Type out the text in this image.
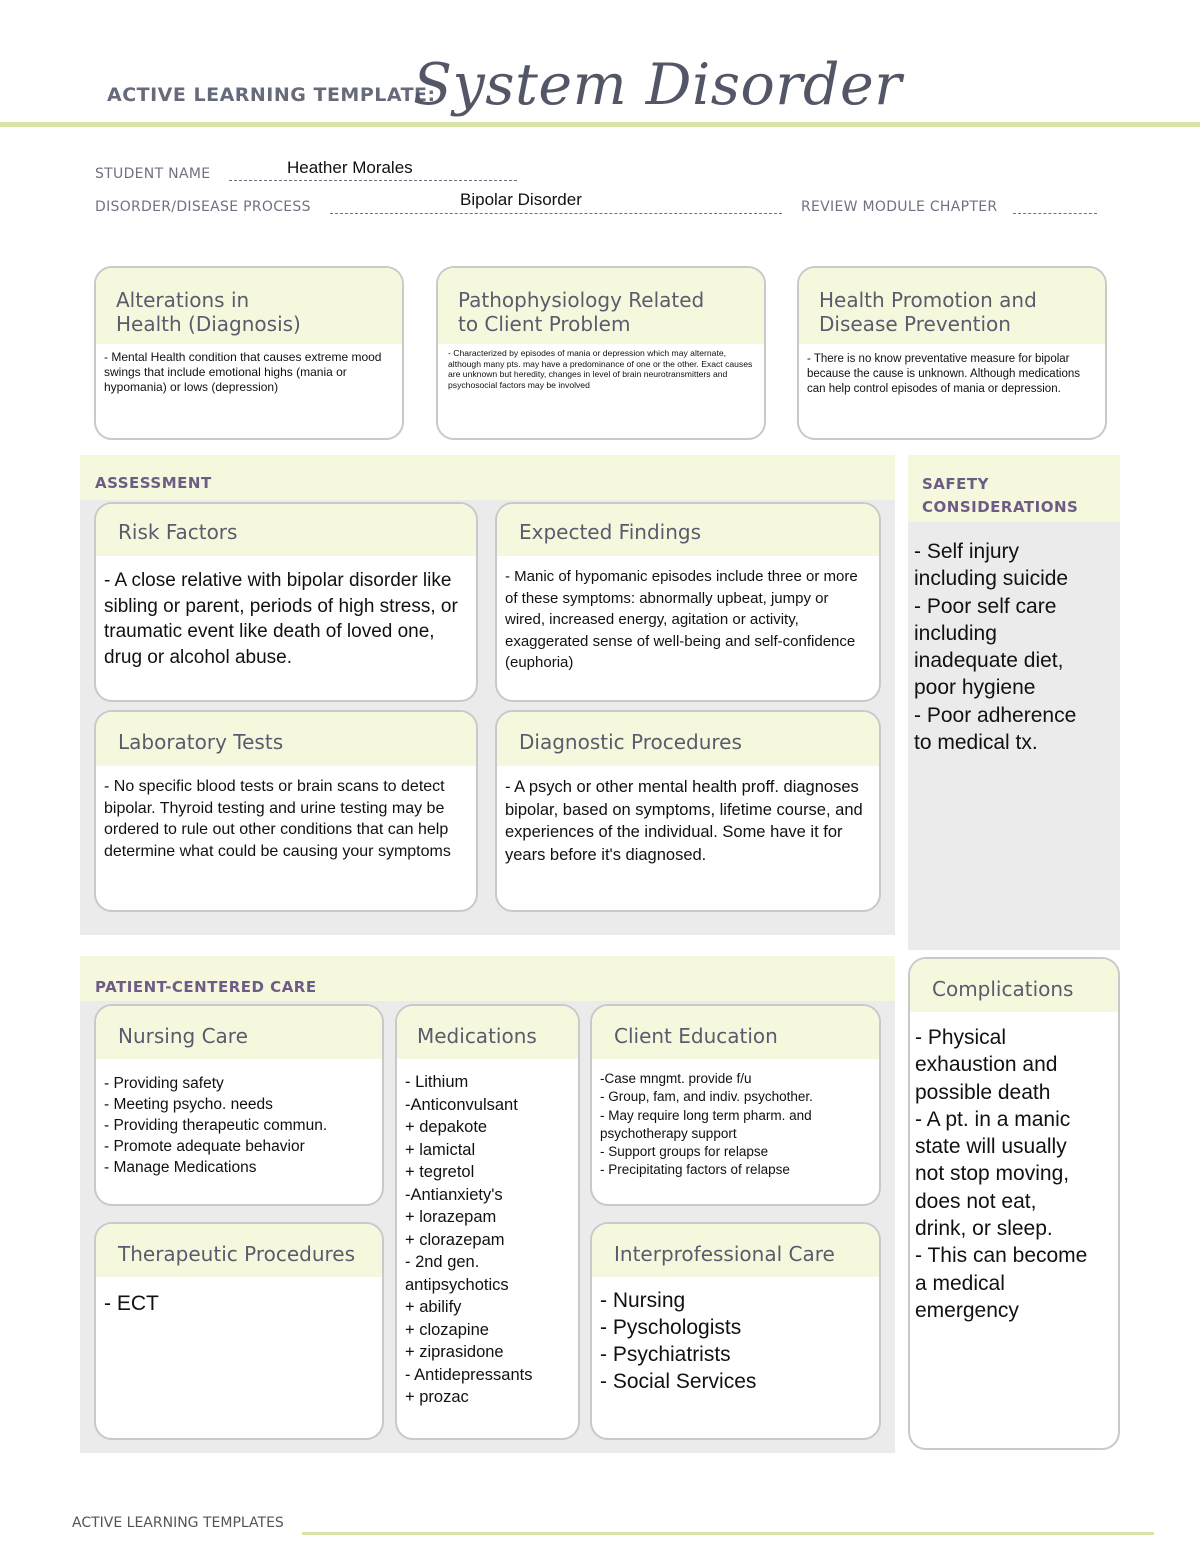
ACTIVE LEARNING TEMPLATE:
System Disorder
STUDENT NAME	Heather Morales
DISORDER/DISEASE PROCESS	Bipolar Disorder	REVIEW MODULE CHAPTER
Alterations in
Health (Diagnosis)
- Mental Health condition that causes extreme mood swings that include emotional highs (mania or hypomania) or lows (depression)
Pathophysiology Related
to Client Problem
- Characterized by episodes of mania or depression which may alternate, although many pts. may have a predominance of one or the other. Exact causes are unknown but heredity, changes in level of brain neurotransmitters and psychosocial factors may be involved
Health Promotion and
Disease Prevention
- There is no know preventative measure for bipolar because the cause is unknown. Although medications can help control episodes of mania or depression.
ASSESSMENT
Risk Factors
- A close relative with bipolar disorder like sibling or parent, periods of high stress, or traumatic event like death of loved one, drug or alcohol abuse.
Expected Findings
- Manic of hypomanic episodes include three or more of these symptoms: abnormally upbeat, jumpy or wired, increased energy, agitation or activity, exaggerated sense of well-being and self-confidence (euphoria)
Laboratory Tests
- No specific blood tests or brain scans to detect bipolar. Thyroid testing and urine testing may be ordered to rule out other conditions that can help determine what could be causing your symptoms
Diagnostic Procedures
- A psych or other mental health proff. diagnoses bipolar, based on symptoms, lifetime course, and experiences of the individual. Some have it for years before it's diagnosed.
SAFETY
CONSIDERATIONS
- Self injury
including suicide
- Poor self care
including
inadequate diet,
poor hygiene
- Poor adherence
to medical tx.
PATIENT-CENTERED CARE
Nursing Care
- Providing safety
- Meeting psycho. needs
- Providing therapeutic commun.
- Promote adequate behavior
- Manage Medications
Medications
- Lithium
-Anticonvulsant
+ depakote
+ lamictal
+ tegretol
-Antianxiety's
+ lorazepam
+ clorazepam
- 2nd gen.
antipsychotics
+ abilify
+ clozapine
+ ziprasidone
- Antidepressants
+ prozac
Client Education
-Case mngmt. provide f/u
- Group, fam, and indiv. psychother.
- May require long term pharm. and psychotherapy support
- Support groups for relapse
- Precipitating factors of relapse
Therapeutic Procedures
- ECT
Interprofessional Care
- Nursing
- Pyschologists
- Psychiatrists
- Social Services
Complications
- Physical
exhaustion and
possible death
- A pt. in a manic
state will usually
not stop moving,
does not eat,
drink, or sleep.
- This can become
a medical
emergency
ACTIVE LEARNING TEMPLATES
